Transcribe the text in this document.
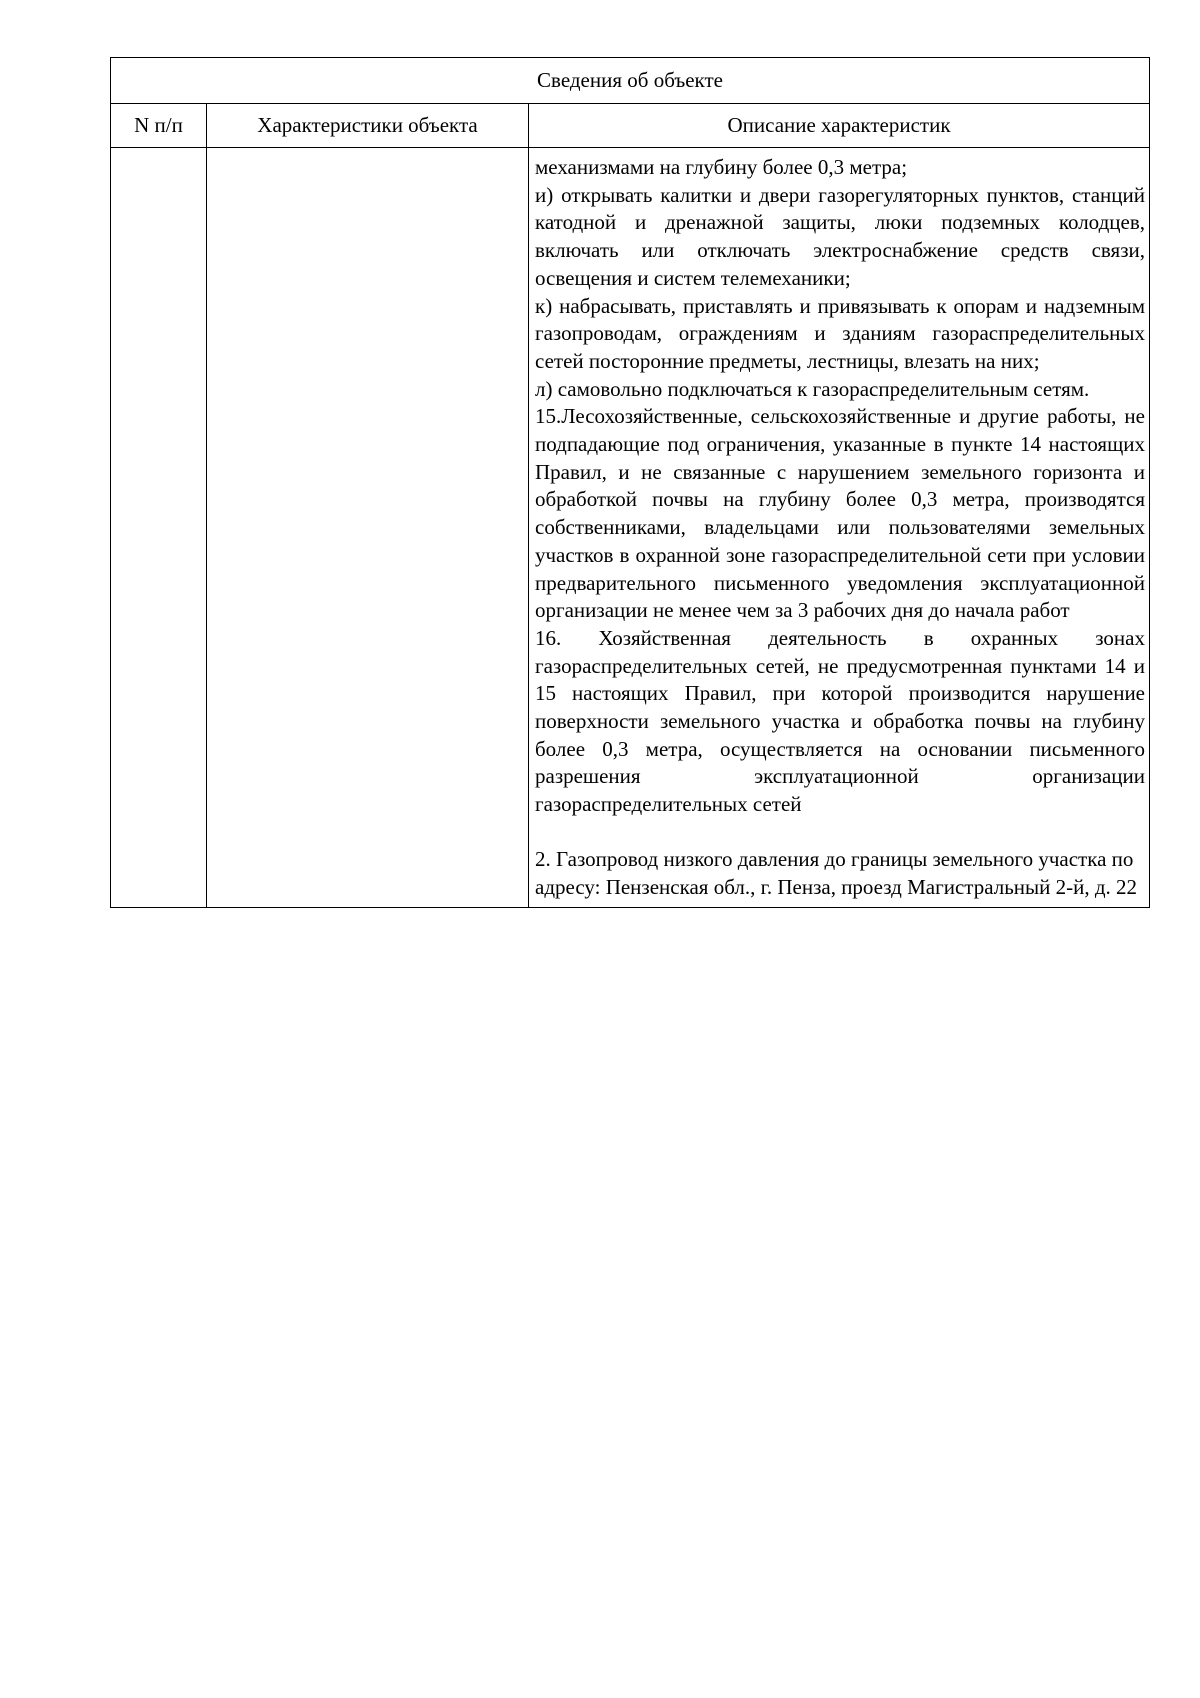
Сведения об объекте
N п/п	Характеристики объекта	Описание характеристик

механизмами на глубину более 0,3 метра;

и) открывать калитки и двери газорегуляторных пунктов, станций катодной и дренажной защиты, люки подземных колодцев, включать или отключать электроснабжение средств связи, освещения и систем телемеханики;

к) набрасывать, приставлять и привязывать к опорам и надземным газопроводам, ограждениям и зданиям газораспределительных сетей посторонние предметы, лестницы, влезать на них;

л) самовольно подключаться к газораспределительным сетям.

15.Лесохозяйственные, сельскохозяйственные и другие работы, не подпадающие под ограничения, указанные в пункте 14 настоящих Правил, и не связанные с нарушением земельного горизонта и обработкой почвы на глубину более 0,3 метра, производятся собственниками, владельцами или пользователями земельных участков в охранной зоне газораспределительной сети при условии предварительного письменного уведомления эксплуатационной организации не менее чем за 3 рабочих дня до начала работ

16. Хозяйственная деятельность в охранных зонах газораспределительных сетей, не предусмотренная пунктами 14 и 15 настоящих Правил, при которой производится нарушение поверхности земельного участка и обработка почвы на глубину более 0,3 метра, осуществляется на основании письменного разрешения эксплуатационной организации газораспределительных сетей

2. Газопровод низкого давления до границы земельного участка по адресу: Пензенская обл., г. Пенза, проезд Магистральный 2-й, д. 22
